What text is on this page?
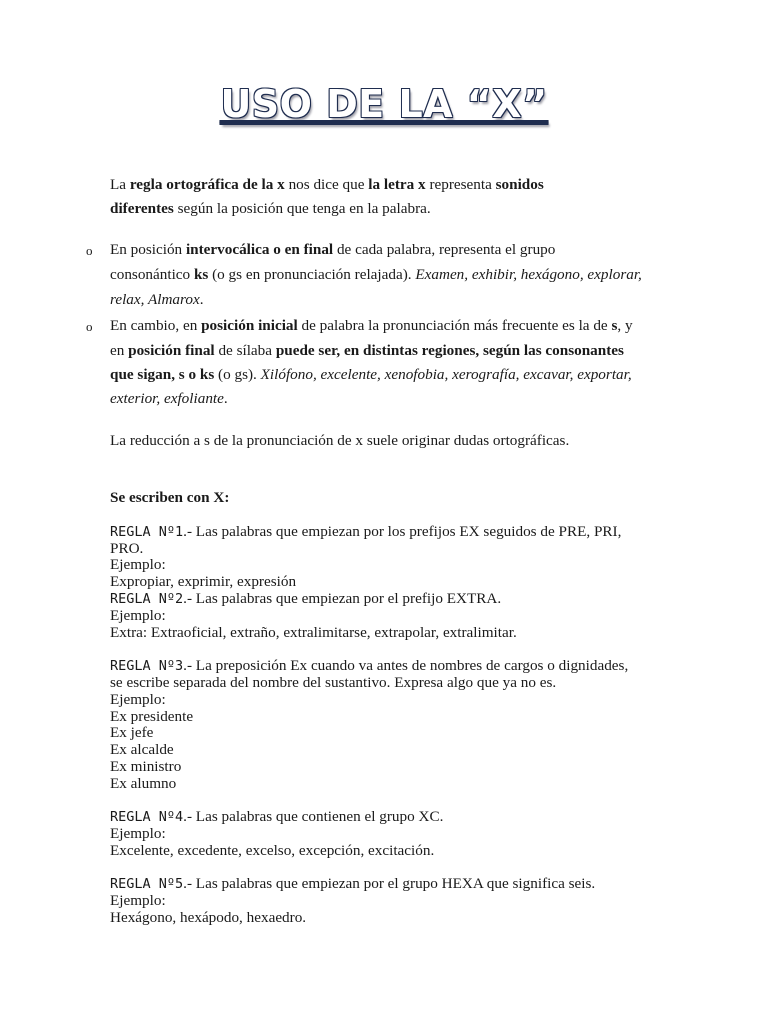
USO DE LA “X”
La regla ortográfica de la x nos dice que la letra x representa sonidos
diferentes según la posición que tenga en la palabra.
o En posición intervocálica o en final de cada palabra, representa el grupo
consonántico ks (o gs en pronunciación relajada). Examen, exhibir, hexágono, explorar,
relax, Almarox.
o En cambio, en posición inicial de palabra la pronunciación más frecuente es la de s, y
en posición final de sílaba puede ser, en distintas regiones, según las consonantes
que sigan, s o ks (o gs). Xilófono, excelente, xenofobia, xerografía, excavar, exportar,
exterior, exfoliante.
La reducción a s de la pronunciación de x suele originar dudas ortográficas.
Se escriben con X:
REGLA Nº1.- Las palabras que empiezan por los prefijos EX seguidos de PRE, PRI,
PRO.
Ejemplo:
Expropiar, exprimir, expresión
REGLA Nº2.- Las palabras que empiezan por el prefijo EXTRA.
Ejemplo:
Extra: Extraoficial, extraño, extralimitarse, extrapolar, extralimitar.
REGLA Nº3.- La preposición Ex cuando va antes de nombres de cargos o dignidades,
se escribe separada del nombre del sustantivo. Expresa algo que ya no es.
Ejemplo:
Ex presidente
Ex jefe
Ex alcalde
Ex ministro
Ex alumno
REGLA Nº4.- Las palabras que contienen el grupo XC.
Ejemplo:
Excelente, excedente, excelso, excepción, excitación.
REGLA Nº5.- Las palabras que empiezan por el grupo HEXA que significa seis.
Ejemplo:
Hexágono, hexápodo, hexaedro.
